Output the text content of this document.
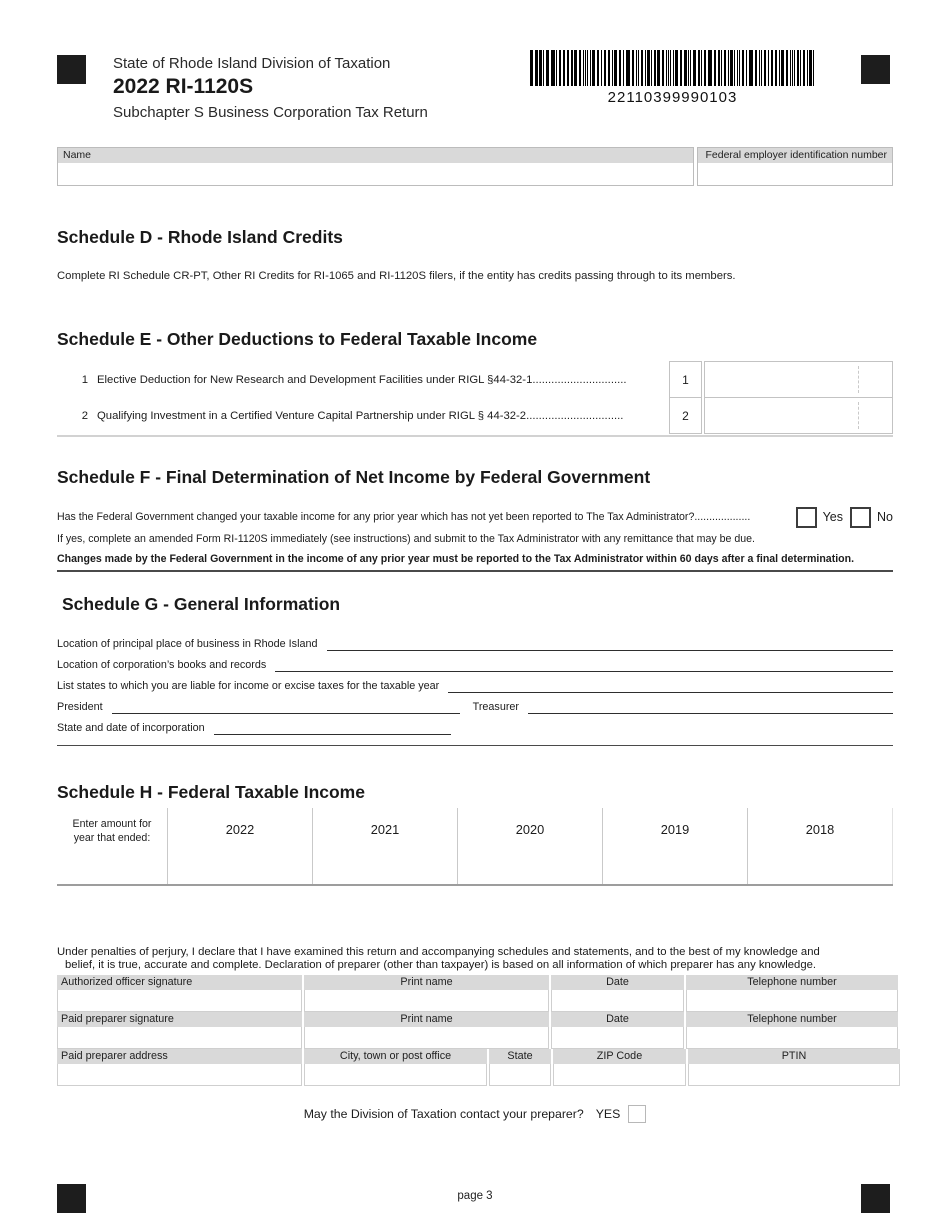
State of Rhode Island Division of Taxation
2022 RI-1120S
Subchapter S Business Corporation Tax Return
22110399990103
Name	Federal employer identification number
Schedule D - Rhode Island Credits
Complete RI Schedule CR-PT, Other RI Credits for RI-1065 and RI-1120S filers, if the entity has credits passing through to its members.
Schedule E - Other Deductions to Federal Taxable Income
1 Elective Deduction for New Research and Development Facilities under RIGL §44-32-1..............................	1
2 Qualifying Investment in a Certified Venture Capital Partnership under RIGL § 44-32-2...............................	2
Schedule F - Final Determination of Net Income by Federal Government
Has the Federal Government changed your taxable income for any prior year which has not yet been reported to The Tax Administrator?...................	Yes	No
If yes, complete an amended Form RI-1120S immediately (see instructions) and submit to the Tax Administrator with any remittance that may be due.
Changes made by the Federal Government in the income of any prior year must be reported to the Tax Administrator within 60 days after a final determination.
Schedule G - General Information
Location of principal place of business in Rhode Island
Location of corporation’s books and records
List states to which you are liable for income or excise taxes for the taxable year
President	Treasurer
State and date of incorporation
Schedule H - Federal Taxable Income
Enter amount for
year that ended:
2022	2021	2020	2019	2018
Under penalties of perjury, I declare that I have examined this return and accompanying schedules and statements, and to the best of my knowledge and
belief, it is true, accurate and complete. Declaration of preparer (other than taxpayer) is based on all information of which preparer has any knowledge.
Authorized officer signature	Print name	Date	Telephone number
Paid preparer signature	Print name	Date	Telephone number
Paid preparer address	City, town or post office	State	ZIP Code	PTIN
May the Division of Taxation contact your preparer? YES
page 3
